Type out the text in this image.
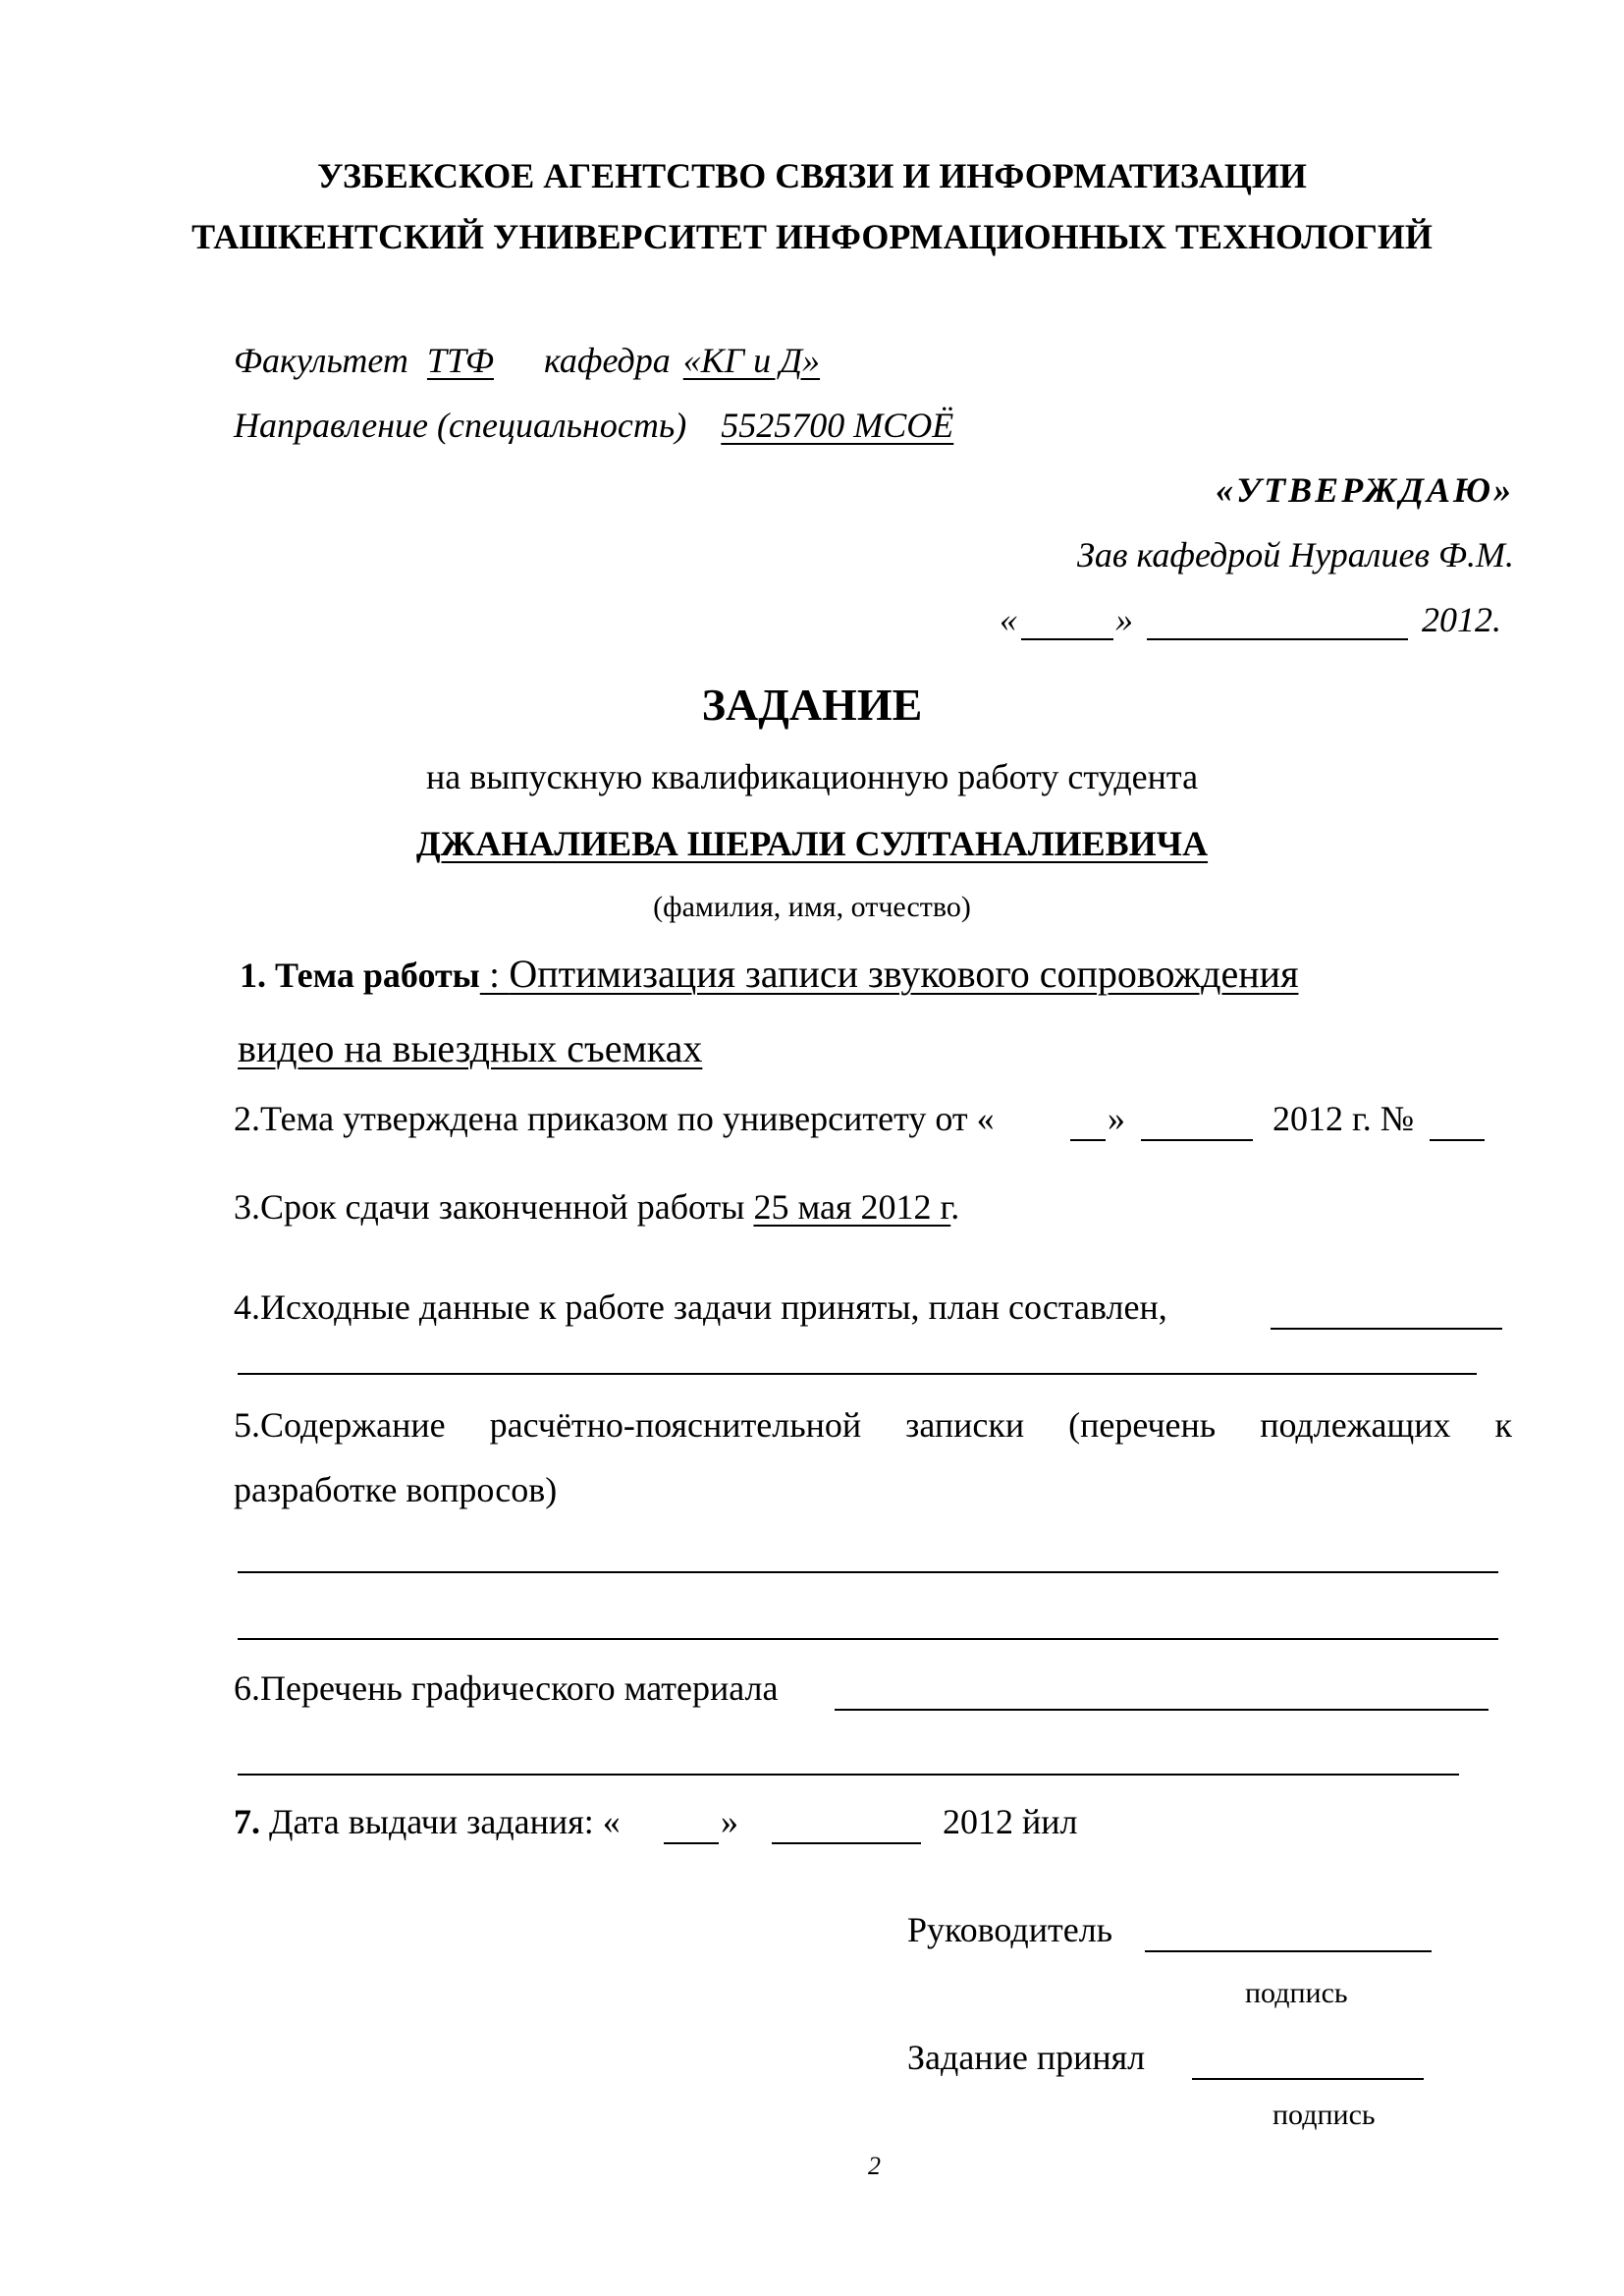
УЗБЕКСКОЕ АГЕНТСТВО СВЯЗИ И ИНФОРМАТИЗАЦИИ
ТАШКЕНТСКИЙ УНИВЕРСИТЕТ ИНФОРМАЦИОННЫХ ТЕХНОЛОГИЙ
Факультет ТТФ кафедра «КГ и Д»
Направление (специальность) 5525700 МСОЁ
«УТВЕРЖДАЮ»
Зав кафедрой Нуралиев Ф.М.
«	»	2012.
ЗАДАНИЕ
на выпускную квалификационную работу студента
ДЖАНАЛИЕВА ШЕРАЛИ СУЛТАНАЛИЕВИЧА
(фамилия, имя, отчество)
1. Тема работы : Оптимизация записи звукового сопровождения
видео на выездных съемках
2.Тема утверждена приказом по университету от «	»	2012 г. №
3.Срок сдачи законченной работы 25 мая 2012 г.
4.Исходные данные к работе задачи приняты, план составлен,
5.Содержание расчётно-пояснительной записки (перечень подлежащих к
разработке вопросов)
6.Перечень графического материала
7. Дата выдачи задания: «	»	2012 йил
Руководитель
подпись
Задание принял
подпись
2
